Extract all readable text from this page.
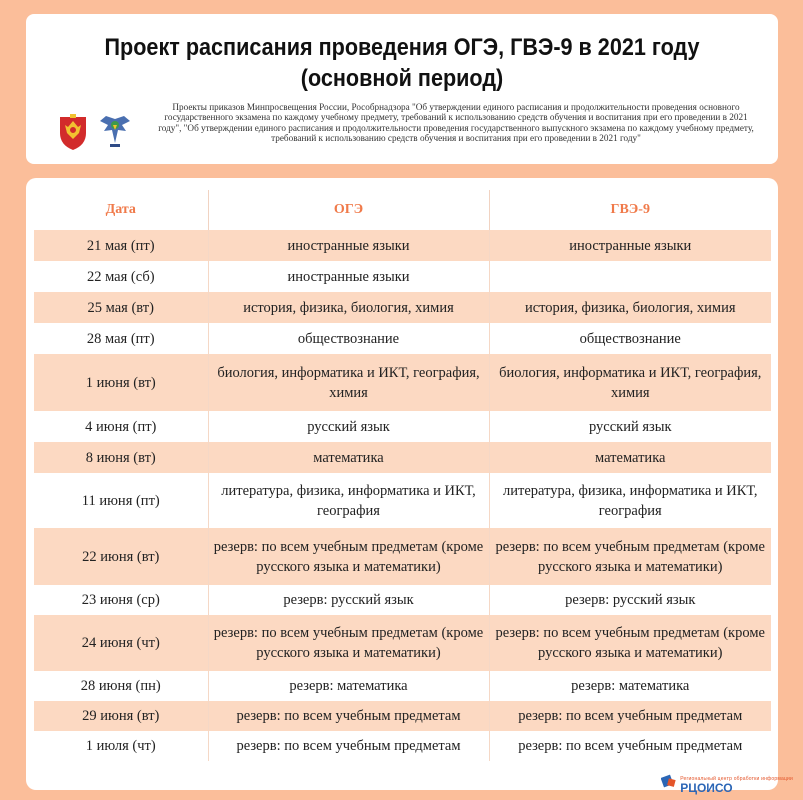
Проект расписания проведения ОГЭ, ГВЭ-9 в 2021 году
(основной период)

Проекты приказов Минпросвещения России, Рособрнадзора "Об утверждении единого расписания и продолжительности проведения основного государственного экзамена по каждому учебному предмету, требований к использованию средств обучения и воспитания при его проведении в 2021 году", "Об утверждении единого расписания и продолжительности проведения государственного выпускного экзамена по каждому учебному предмету, требований к использованию средств обучения и воспитания при его проведении в 2021 году"

Дата	ОГЭ	ГВЭ-9
21 мая (пт)	иностранные языки	иностранные языки
22 мая (сб)	иностранные языки	
25 мая (вт)	история, физика, биология, химия	история, физика, биология, химия
28 мая (пт)	обществознание	обществознание
1 июня (вт)	биология, информатика и ИКТ, география, химия	биология, информатика и ИКТ, география, химия
4 июня (пт)	русский язык	русский язык
8 июня (вт)	математика	математика
11 июня (пт)	литература, физика, информатика и ИКТ, география	литература, физика, информатика и ИКТ, география
22 июня (вт)	резерв: по всем учебным предметам (кроме русского языка и математики)	резерв: по всем учебным предметам (кроме русского языка и математики)
23 июня (ср)	резерв: русский язык	резерв: русский язык
24 июня (чт)	резерв: по всем учебным предметам (кроме русского языка и математики)	резерв: по всем учебным предметам (кроме русского языка и математики)
28 июня (пн)	резерв: математика	резерв: математика
29 июня (вт)	резерв: по всем учебным предметам	резерв: по всем учебным предметам
1 июля (чт)	резерв: по всем учебным предметам	резерв: по всем учебным предметам
Региональный центр обработки информации
РЦОИСО
